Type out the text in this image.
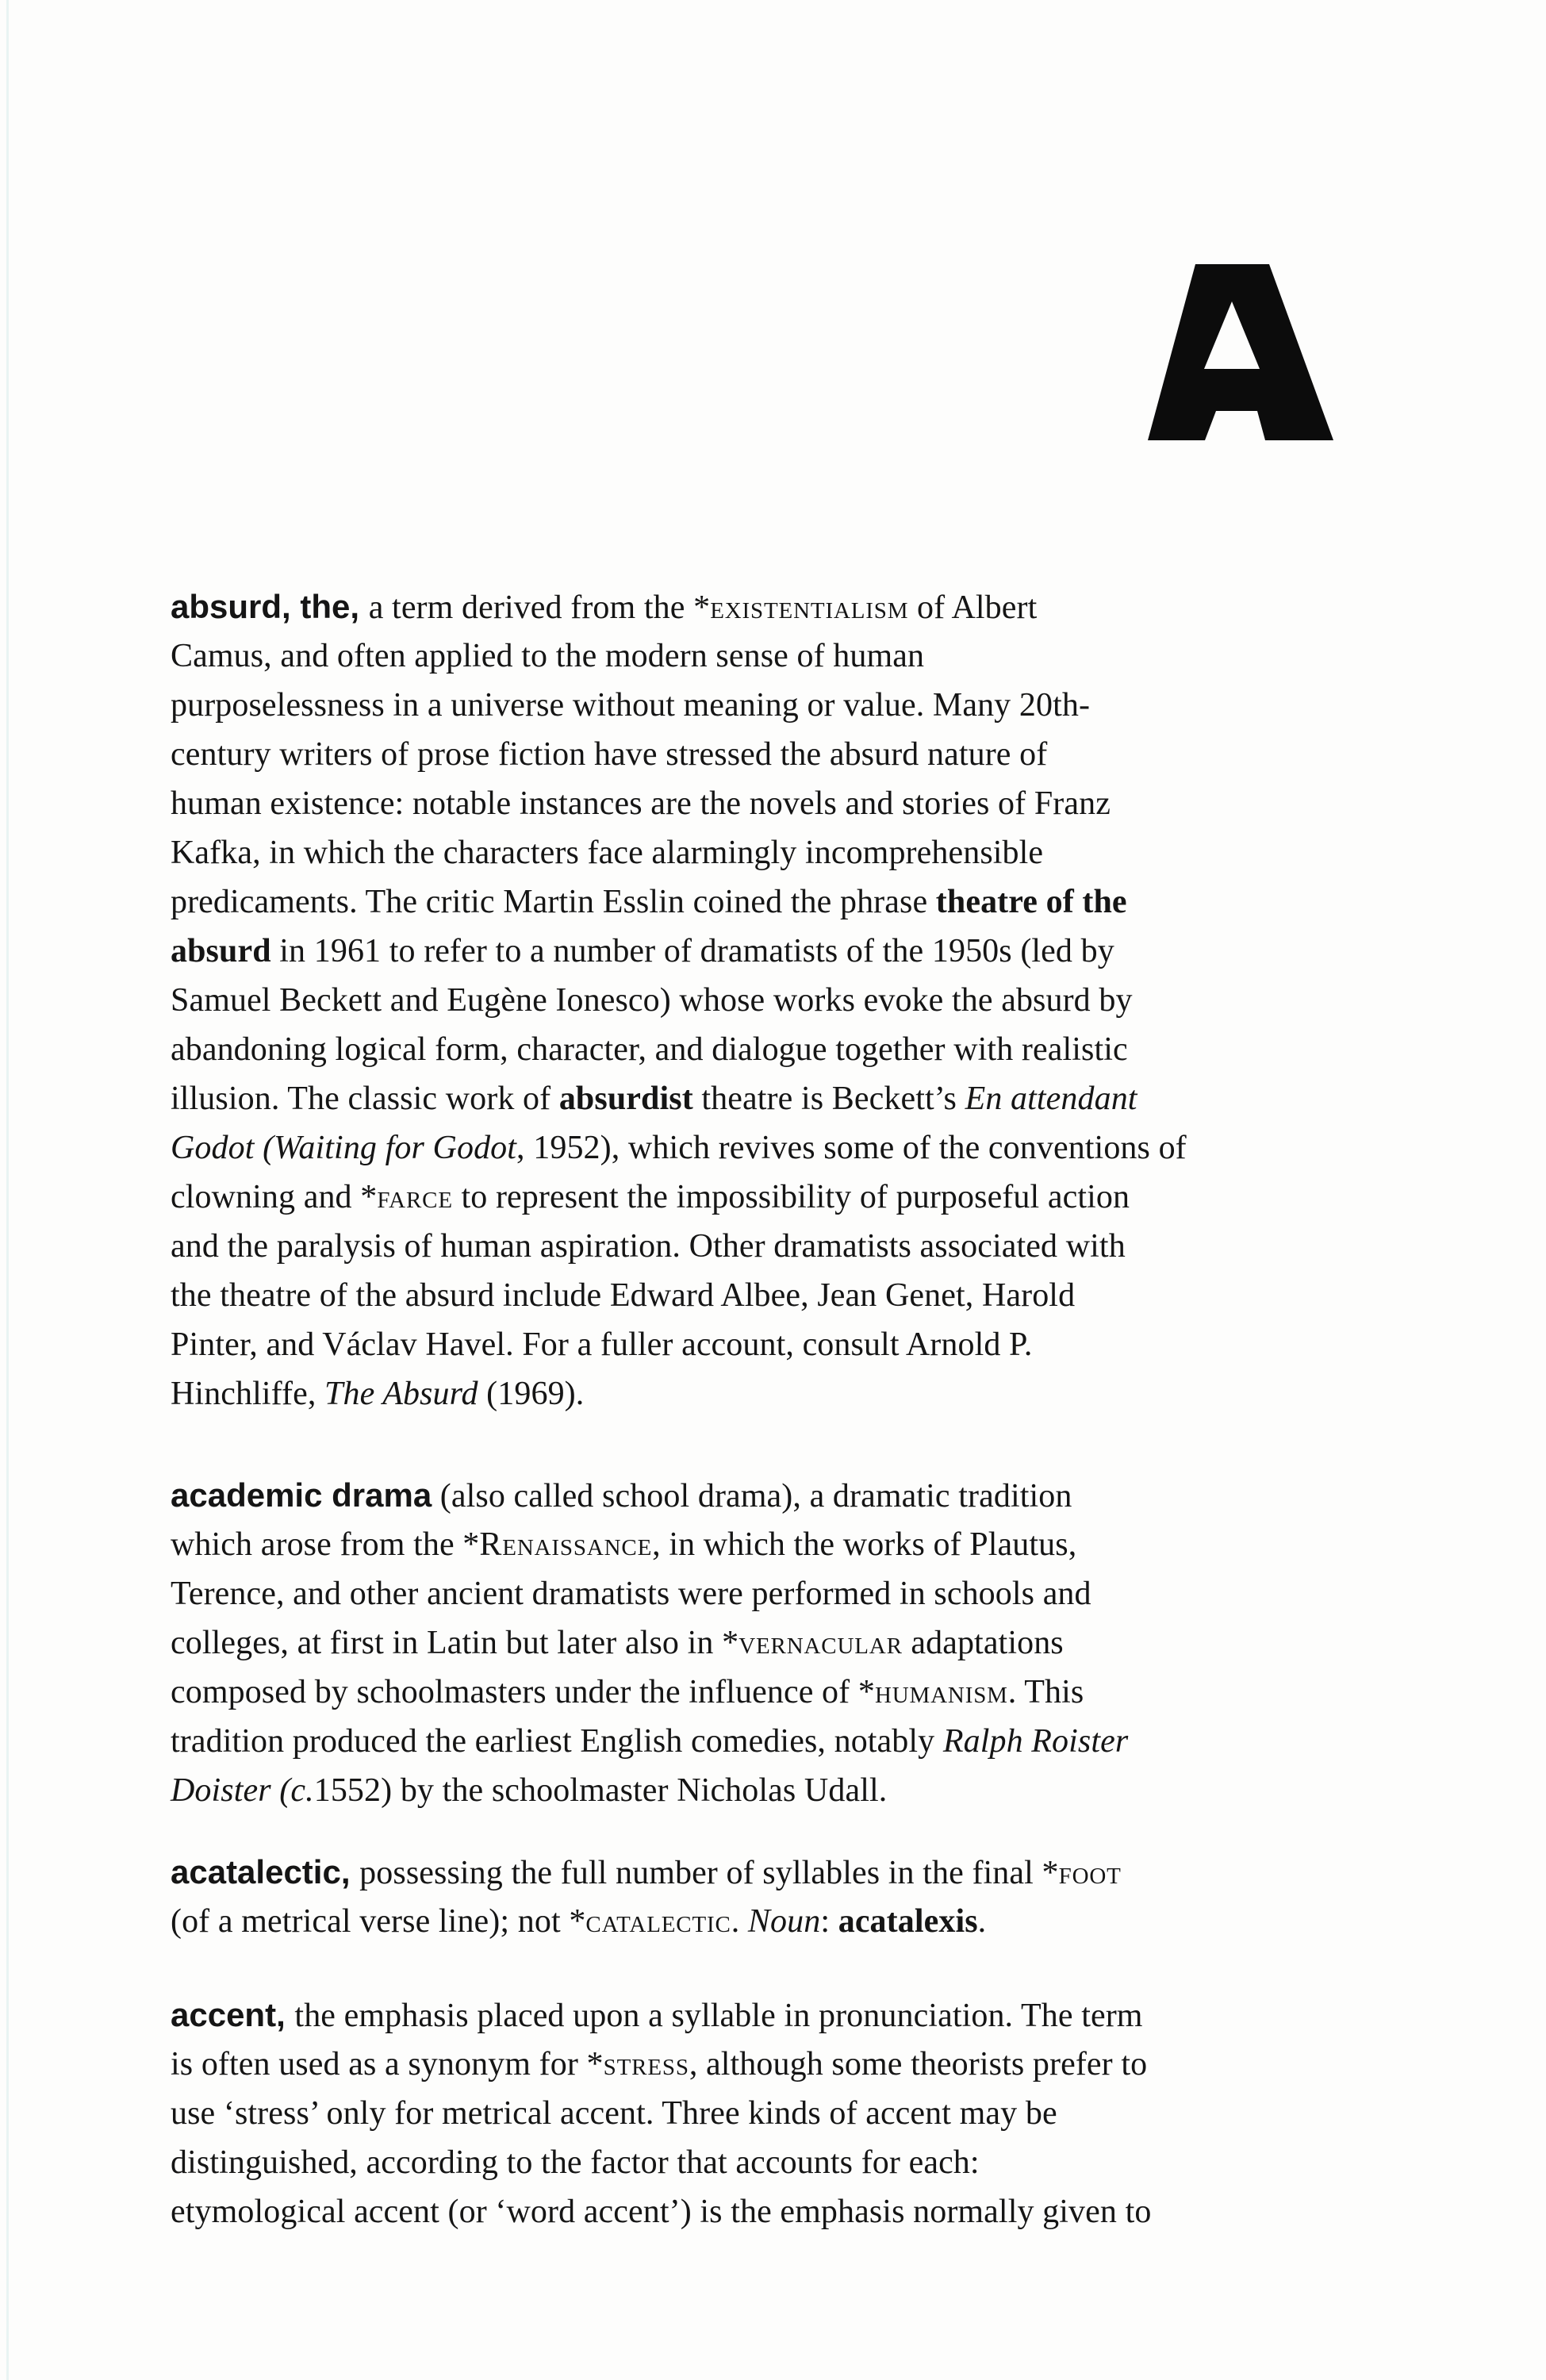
absurd, the, a term derived from the *existentialism of Albert
Camus, and often applied to the modern sense of human
purposelessness in a universe without meaning or value. Many 20th-
century writers of prose fiction have stressed the absurd nature of
human existence: notable instances are the novels and stories of Franz
Kafka, in which the characters face alarmingly incomprehensible
predicaments. The critic Martin Esslin coined the phrase theatre of the
absurd in 1961 to refer to a number of dramatists of the 1950s (led by
Samuel Beckett and Eugène Ionesco) whose works evoke the absurd by
abandoning logical form, character, and dialogue together with realistic
illusion. The classic work of absurdist theatre is Beckett’s En attendant
Godot (Waiting for Godot, 1952), which revives some of the conventions of
clowning and *farce to represent the impossibility of purposeful action
and the paralysis of human aspiration. Other dramatists associated with
the theatre of the absurd include Edward Albee, Jean Genet, Harold
Pinter, and Václav Havel. For a fuller account, consult Arnold P.
Hinchliffe, The Absurd (1969).
academic drama (also called school drama), a dramatic tradition
which arose from the *Renaissance, in which the works of Plautus,
Terence, and other ancient dramatists were performed in schools and
colleges, at first in Latin but later also in *vernacular adaptations
composed by schoolmasters under the influence of *humanism. This
tradition produced the earliest English comedies, notably Ralph Roister
Doister (c.1552) by the schoolmaster Nicholas Udall.
acatalectic, possessing the full number of syllables in the final *foot
(of a metrical verse line); not *catalectic. Noun: acatalexis.
accent, the emphasis placed upon a syllable in pronunciation. The term
is often used as a synonym for *stress, although some theorists prefer to
use ‘stress’ only for metrical accent. Three kinds of accent may be
distinguished, according to the factor that accounts for each:
etymological accent (or ‘word accent’) is the emphasis normally given to
